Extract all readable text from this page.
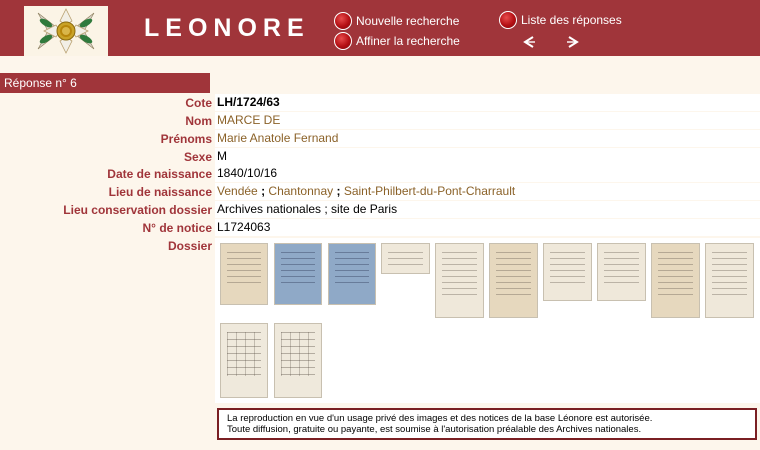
LEONORE	Nouvelle recherche
Affiner la recherche
Liste des réponses
Réponse n° 6
Cote LH/1724/63
Nom MARCE DE
Prénoms Marie Anatole Fernand
Sexe M
Date de naissance 1840/10/16
Lieu de naissance Vendée ; Chantonnay ; Saint-Philbert-du-Pont-Charrault
Lieu conservation dossier Archives nationales ; site de Paris
N° de notice L1724063
Dossier
La reproduction en vue d'un usage privé des images et des notices de la base Léonore est autorisée.
Toute diffusion, gratuite ou payante, est soumise à l'autorisation préalable des Archives nationales.
